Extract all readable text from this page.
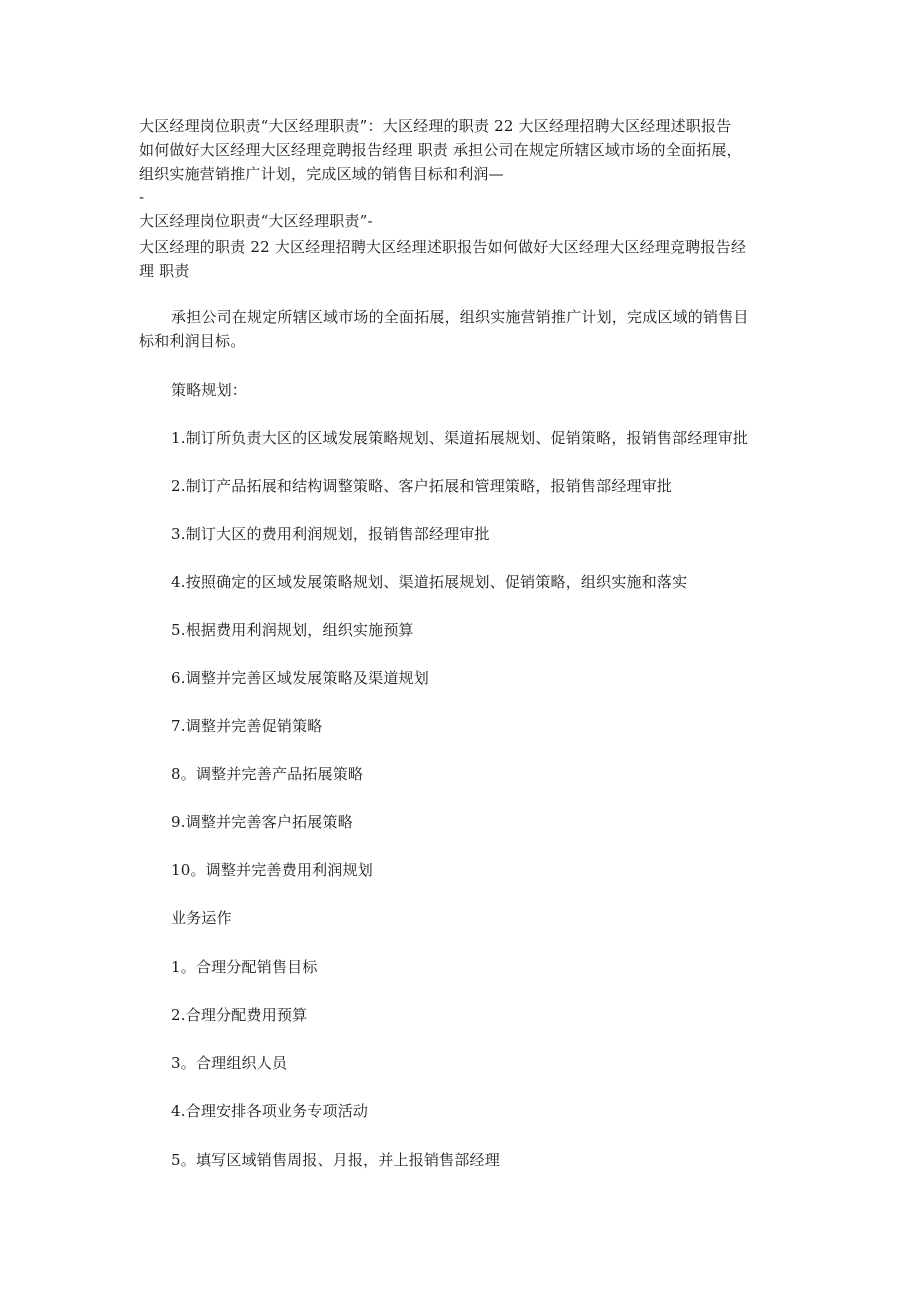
大区经理岗位职责“大区经理职责”：大区经理的职责 22 大区经理招聘大区经理述职报告
如何做好大区经理大区经理竞聘报告经理 职责 承担公司在规定所辖区域市场的全面拓展，
组织实施营销推广计划，完成区域的销售目标和利润—
-
大区经理岗位职责“大区经理职责”-
大区经理的职责 22 大区经理招聘大区经理述职报告如何做好大区经理大区经理竞聘报告经
理 职责
承担公司在规定所辖区域市场的全面拓展，组织实施营销推广计划，完成区域的销售目
标和利润目标。
策略规划：
1.制订所负责大区的区域发展策略规划、渠道拓展规划、促销策略，报销售部经理审批
2.制订产品拓展和结构调整策略、客户拓展和管理策略，报销售部经理审批
3.制订大区的费用利润规划，报销售部经理审批
4.按照确定的区域发展策略规划、渠道拓展规划、促销策略，组织实施和落实
5.根据费用利润规划，组织实施预算
6.调整并完善区域发展策略及渠道规划
7.调整并完善促销策略
8。调整并完善产品拓展策略
9.调整并完善客户拓展策略
10。调整并完善费用利润规划
业务运作
1。合理分配销售目标
2.合理分配费用预算
3。合理组织人员
4.合理安排各项业务专项活动
5。填写区域销售周报、月报，并上报销售部经理
